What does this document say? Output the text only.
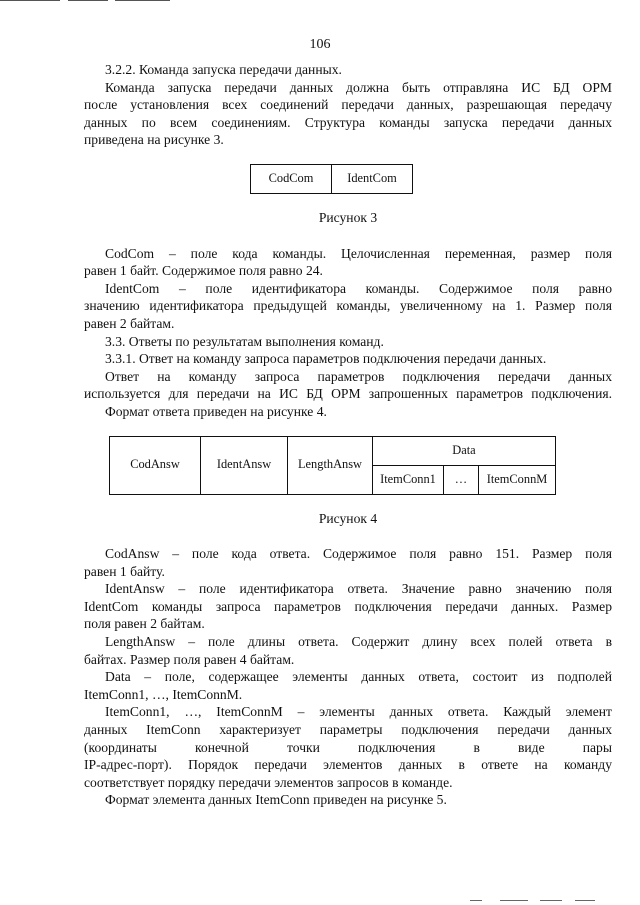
106

3.2.2. Команда запуска передачи данных.

Команда запуска передачи данных должна быть отправляна ИС БД ОРМ

после установления всех соединений передачи данных, разрешающая передачу

данных по всем соединениям. Структура команды запуска передачи данных

приведена на рисунке 3.

CodCom	IdentCom

Рисунок 3

CodCom – поле кода команды. Целочисленная переменная, размер поля

равен 1 байт. Содержимое поля равно 24.

IdentCom – поле идентификатора команды. Содержимое поля равно

значению идентификатора предыдущей команды, увеличенному на 1. Размер поля

равен 2 байтам.

3.3. Ответы по результатам выполнения команд.

3.3.1. Ответ на команду запроса параметров подключения передачи данных.

Ответ на команду запроса параметров подключения передачи данных

используется для передачи на ИС БД ОРМ запрошенных параметров подключения.

Формат ответа приведен на рисунке 4.

CodAnsw	IdentAnsw	LengthAnsw	Data		
			ItemConn1	…	ItemConnM

Рисунок 4

CodAnsw – поле кода ответа. Содержимое поля равно 151. Размер поля

равен 1 байту.

IdentAnsw – поле идентификатора ответа. Значение равно значению поля

IdentCom команды запроса параметров подключения передачи данных. Размер

поля равен 2 байтам.

LengthAnsw – поле длины ответа. Содержит длину всех полей ответа в

байтах. Размер поля равен 4 байтам.

Data – поле, содержащее элементы данных ответа, состоит из подполей

ItemConn1, …, ItemConnM.

ItemConn1, …, ItemConnM – элементы данных ответа. Каждый элемент

данных ItemConn характеризует параметры подключения передачи данных

(координаты конечной точки подключения в виде пары

IP-адрес-порт). Порядок передачи элементов данных в ответе на команду

соответствует порядку передачи элементов запросов в команде.

Формат элемента данных ItemConn приведен на рисунке 5.
